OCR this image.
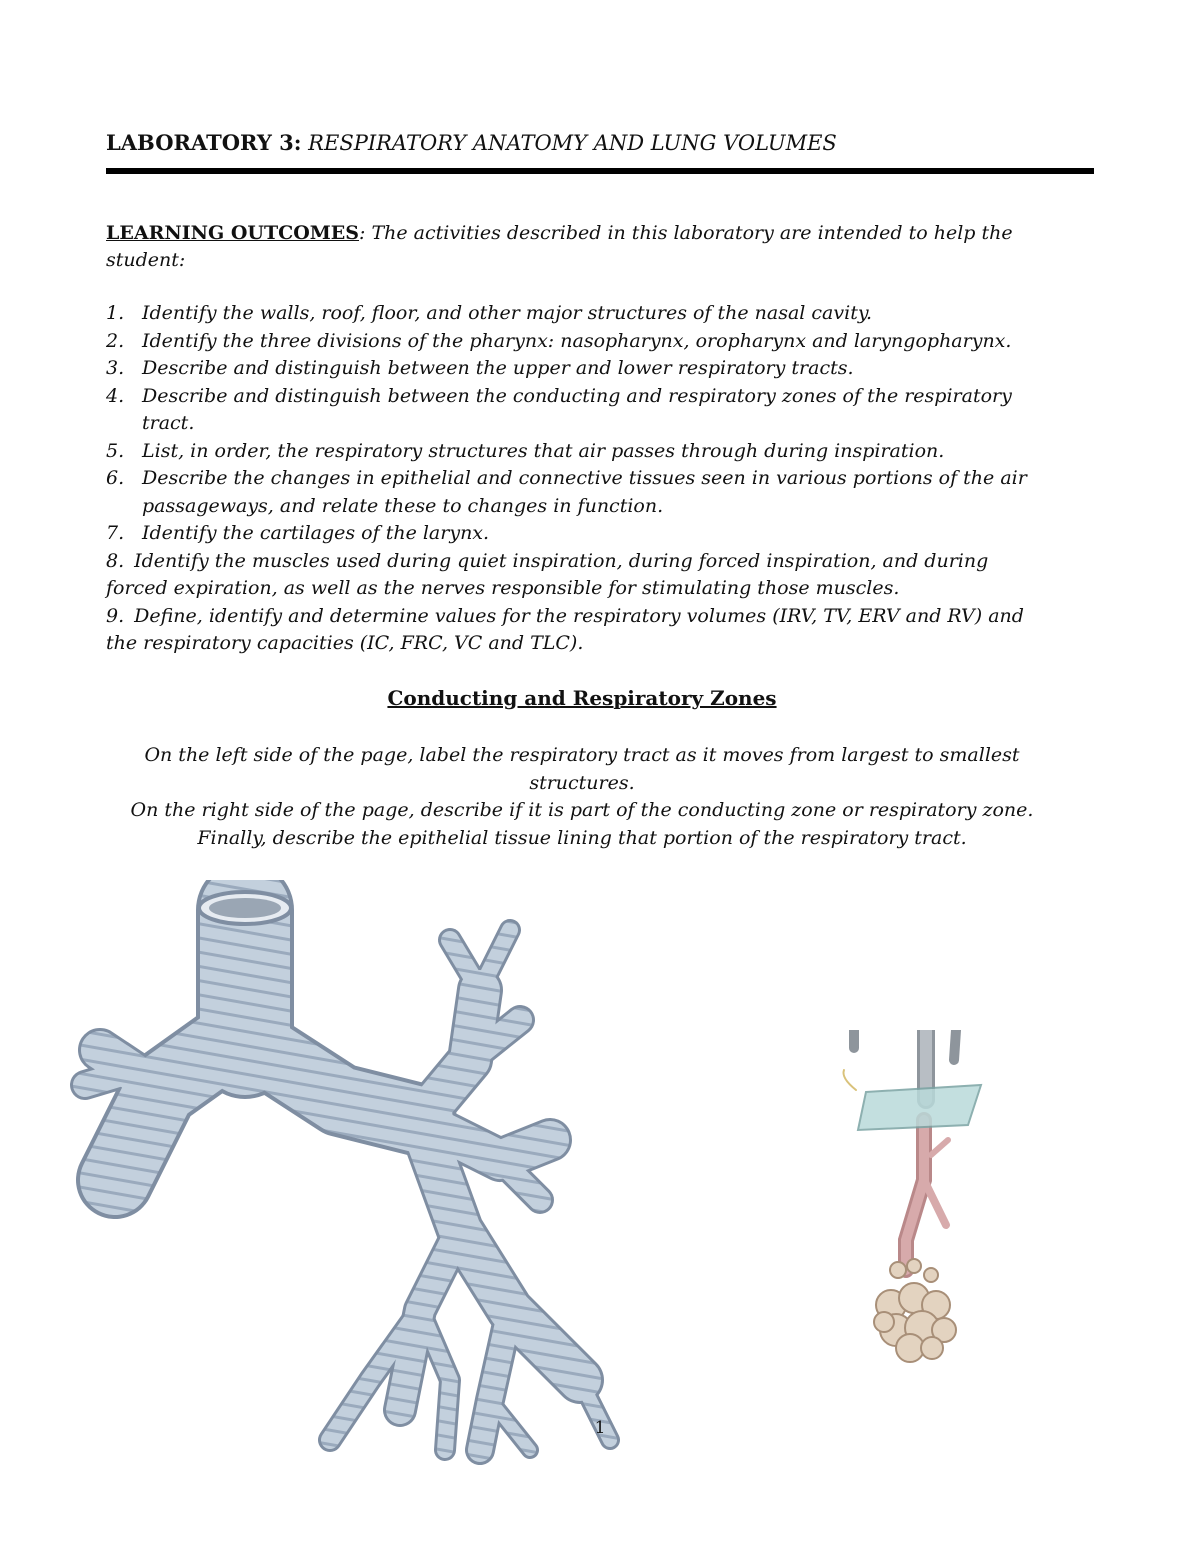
LABORATORY 3: RESPIRATORY ANATOMY AND LUNG VOLUMES
LEARNING OUTCOMES: The activities described in this laboratory are intended to help the student:
1. Identify the walls, roof, floor, and other major structures of the nasal cavity.
2. Identify the three divisions of the pharynx: nasopharynx, oropharynx and laryngopharynx.
3. Describe and distinguish between the upper and lower respiratory tracts.
4. Describe and distinguish between the conducting and respiratory zones of the respiratory
tract.
5. List, in order, the respiratory structures that air passes through during inspiration.
6. Describe the changes in epithelial and connective tissues seen in various portions of the air
passageways, and relate these to changes in function.
7. Identify the cartilages of the larynx.
8. Identify the muscles used during quiet inspiration, during forced inspiration, and during
forced expiration, as well as the nerves responsible for stimulating those muscles.
9. Define, identify and determine values for the respiratory volumes (IRV, TV, ERV and RV) and
the respiratory capacities (IC, FRC, VC and TLC).
Conducting and Respiratory Zones
On the left side of the page, label the respiratory tract as it moves from largest to smallest
structures.
On the right side of the page, describe if it is part of the conducting zone or respiratory zone.
Finally, describe the epithelial tissue lining that portion of the respiratory tract.
1
